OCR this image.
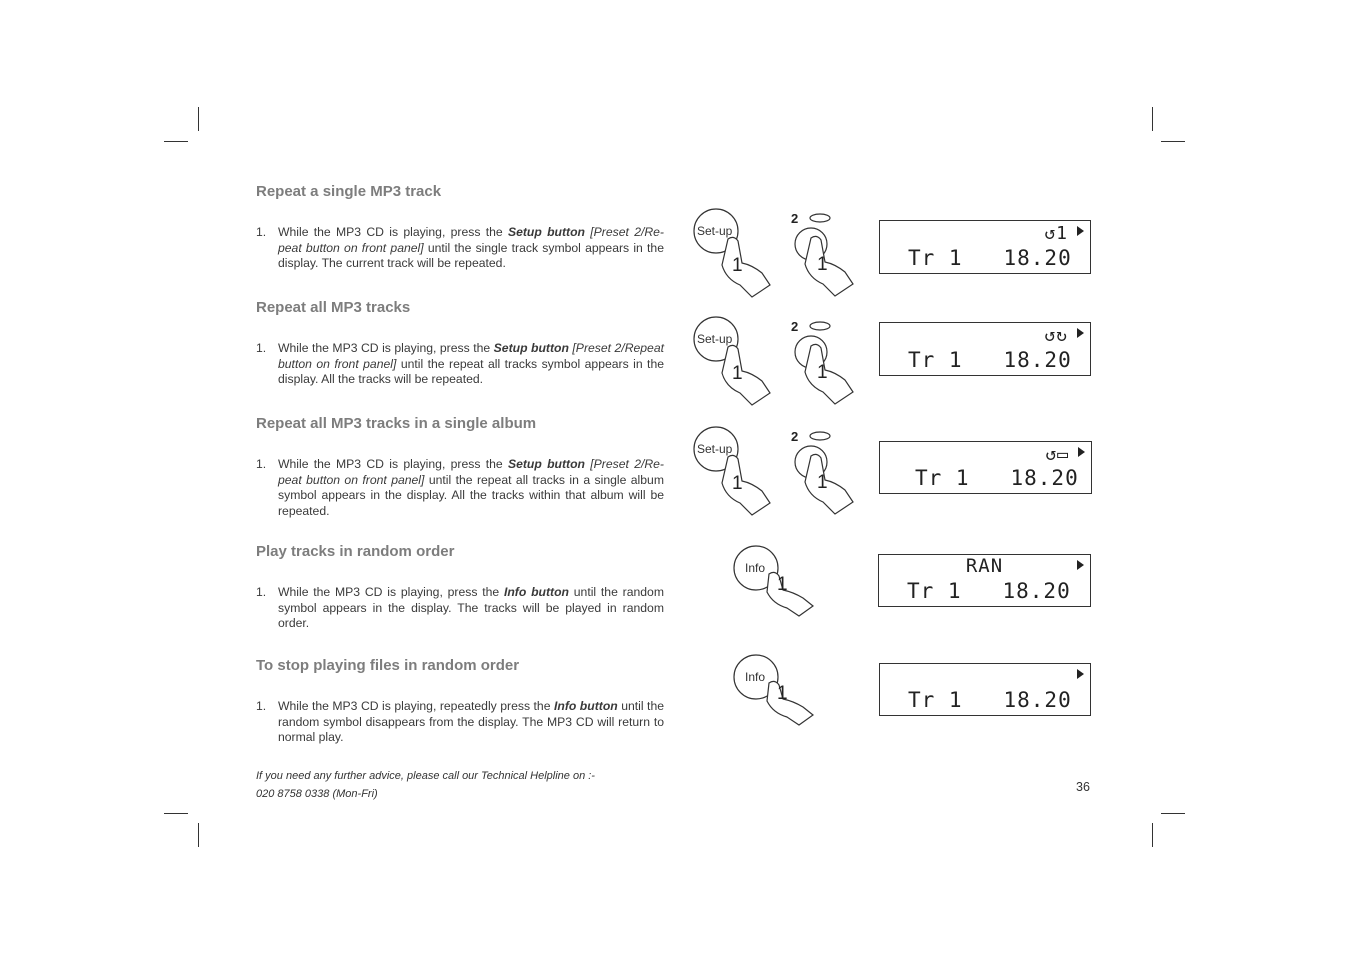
Repeat a single MP3 track
1. While the MP3 CD is playing, press the Setup button [Preset 2/Re-peat button on front panel] until the single track symbol appears in the display. The current track will be repeated.
Repeat all MP3 tracks
1. While the MP3 CD is playing, press the Setup button [Preset 2/Repeat button on front panel] until the repeat all tracks symbol appears in the display. All the tracks will be repeated.
Repeat all MP3 tracks in a single album
1. While the MP3 CD is playing, press the Setup button [Preset 2/Re-peat button on front panel] until the repeat all tracks in a single album symbol appears in the display. All the tracks within that album will be repeated.
Play tracks in random order
1. While the MP3 CD is playing, press the Info button until the random symbol appears in the display. The tracks will be played in random order.
To stop playing files in random order
1. While the MP3 CD is playing, repeatedly press the Info button until the random symbol disappears from the display. The MP3 CD will return to normal play.
If you need any further advice, please call our Technical Helpline on :-
020 8758 0338 (Mon-Fri)	36
Set-up
1
2
1
↺1
Tr 1   18.20
Set-up
1
2
1
↺↻
Tr 1   18.20
Set-up
1
2
1
↺▭
Tr 1   18.20
Info
1
RAN
Tr 1   18.20
Info
1	Tr 1   18.20
